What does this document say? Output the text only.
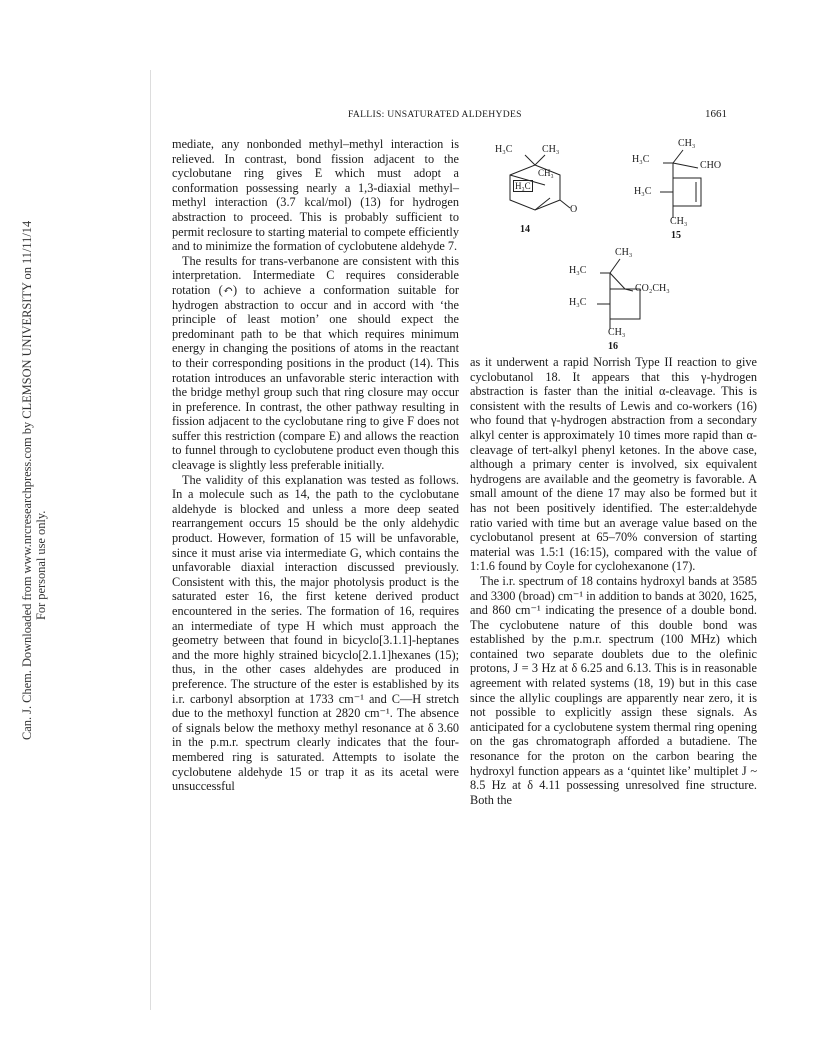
Can. J. Chem. Downloaded from www.nrcresearchpress.com by CLEMSON UNIVERSITY on 11/11/14 For personal use only.
FALLIS: UNSATURATED ALDEHYDES	1661
H₃C	CH₃
CH₃
H₃C
O
14
CH₃
H₃C
CHO
H₃C
CH₃
15
CH₃
H₃C
CO₂CH₃
H₃C
CH₃
16

mediate, any nonbonded methyl–methyl interaction is relieved. In contrast, bond fission adjacent to the cyclobutane ring gives E which must adopt a conformation possessing nearly a 1,3-diaxial methyl–methyl interaction (3.7 kcal/mol) (13) for hydrogen abstraction to proceed. This is probably sufficient to permit reclosure to starting material to compete efficiently and to minimize the formation of cyclobutene aldehyde 7.

The results for trans-verbanone are consistent with this interpretation. Intermediate C requires considerable rotation (↶) to achieve a conformation suitable for hydrogen abstraction to occur and in accord with ‘the principle of least motion’ one should expect the predominant path to be that which requires minimum energy in changing the positions of atoms in the reactant to their corresponding positions in the product (14). This rotation introduces an unfavorable steric interaction with the bridge methyl group such that ring closure may occur in preference. In contrast, the other pathway resulting in fission adjacent to the cyclobutane ring to give F does not suffer this restriction (compare E) and allows the reaction to funnel through to cyclobutene product even though this cleavage is slightly less preferable initially.

The validity of this explanation was tested as follows. In a molecule such as 14, the path to the cyclobutane aldehyde is blocked and unless a more deep seated rearrangement occurs 15 should be the only aldehydic product. However, formation of 15 will be unfavorable, since it must arise via intermediate G, which contains the unfavorable diaxial interaction discussed previously. Consistent with this, the major photolysis product is the saturated ester 16, the first ketene derived product encountered in the series. The formation of 16, requires an intermediate of type H which must approach the geometry between that found in bicyclo[3.1.1]-heptanes and the more highly strained bicyclo[2.1.1]hexanes (15); thus, in the other cases aldehydes are produced in preference. The structure of the ester is established by its i.r. carbonyl absorption at 1733 cm⁻¹ and C—H stretch due to the methoxyl function at 2820 cm⁻¹. The absence of signals below the methoxy methyl resonance at δ 3.60 in the p.m.r. spectrum clearly indicates that the four-membered ring is saturated. Attempts to isolate the cyclobutene aldehyde 15 or trap it as its acetal were unsuccessful

as it underwent a rapid Norrish Type II reaction to give cyclobutanol 18. It appears that this γ-hydrogen abstraction is faster than the initial α-cleavage. This is consistent with the results of Lewis and co-workers (16) who found that γ-hydrogen abstraction from a secondary alkyl center is approximately 10 times more rapid than α-cleavage of tert-alkyl phenyl ketones. In the above case, although a primary center is involved, six equivalent hydrogens are available and the geometry is favorable. A small amount of the diene 17 may also be formed but it has not been positively identified. The ester:aldehyde ratio varied with time but an average value based on the cyclobutanol present at 65–70% conversion of starting material was 1.5:1 (16:15), compared with the value of 1:1.6 found by Coyle for cyclohexanone (17).

The i.r. spectrum of 18 contains hydroxyl bands at 3585 and 3300 (broad) cm⁻¹ in addition to bands at 3020, 1625, and 860 cm⁻¹ indicating the presence of a double bond. The cyclobutene nature of this double bond was established by the p.m.r. spectrum (100 MHz) which contained two separate doublets due to the olefinic protons, J = 3 Hz at δ 6.25 and 6.13. This is in reasonable agreement with related systems (18, 19) but in this case since the allylic couplings are apparently near zero, it is not possible to explicitly assign these signals. As anticipated for a cyclobutene system thermal ring opening on the gas chromatograph afforded a butadiene. The resonance for the proton on the carbon bearing the hydroxyl function appears as a ‘quintet like’ multiplet J ~ 8.5 Hz at δ 4.11 possessing unresolved fine structure. Both the
